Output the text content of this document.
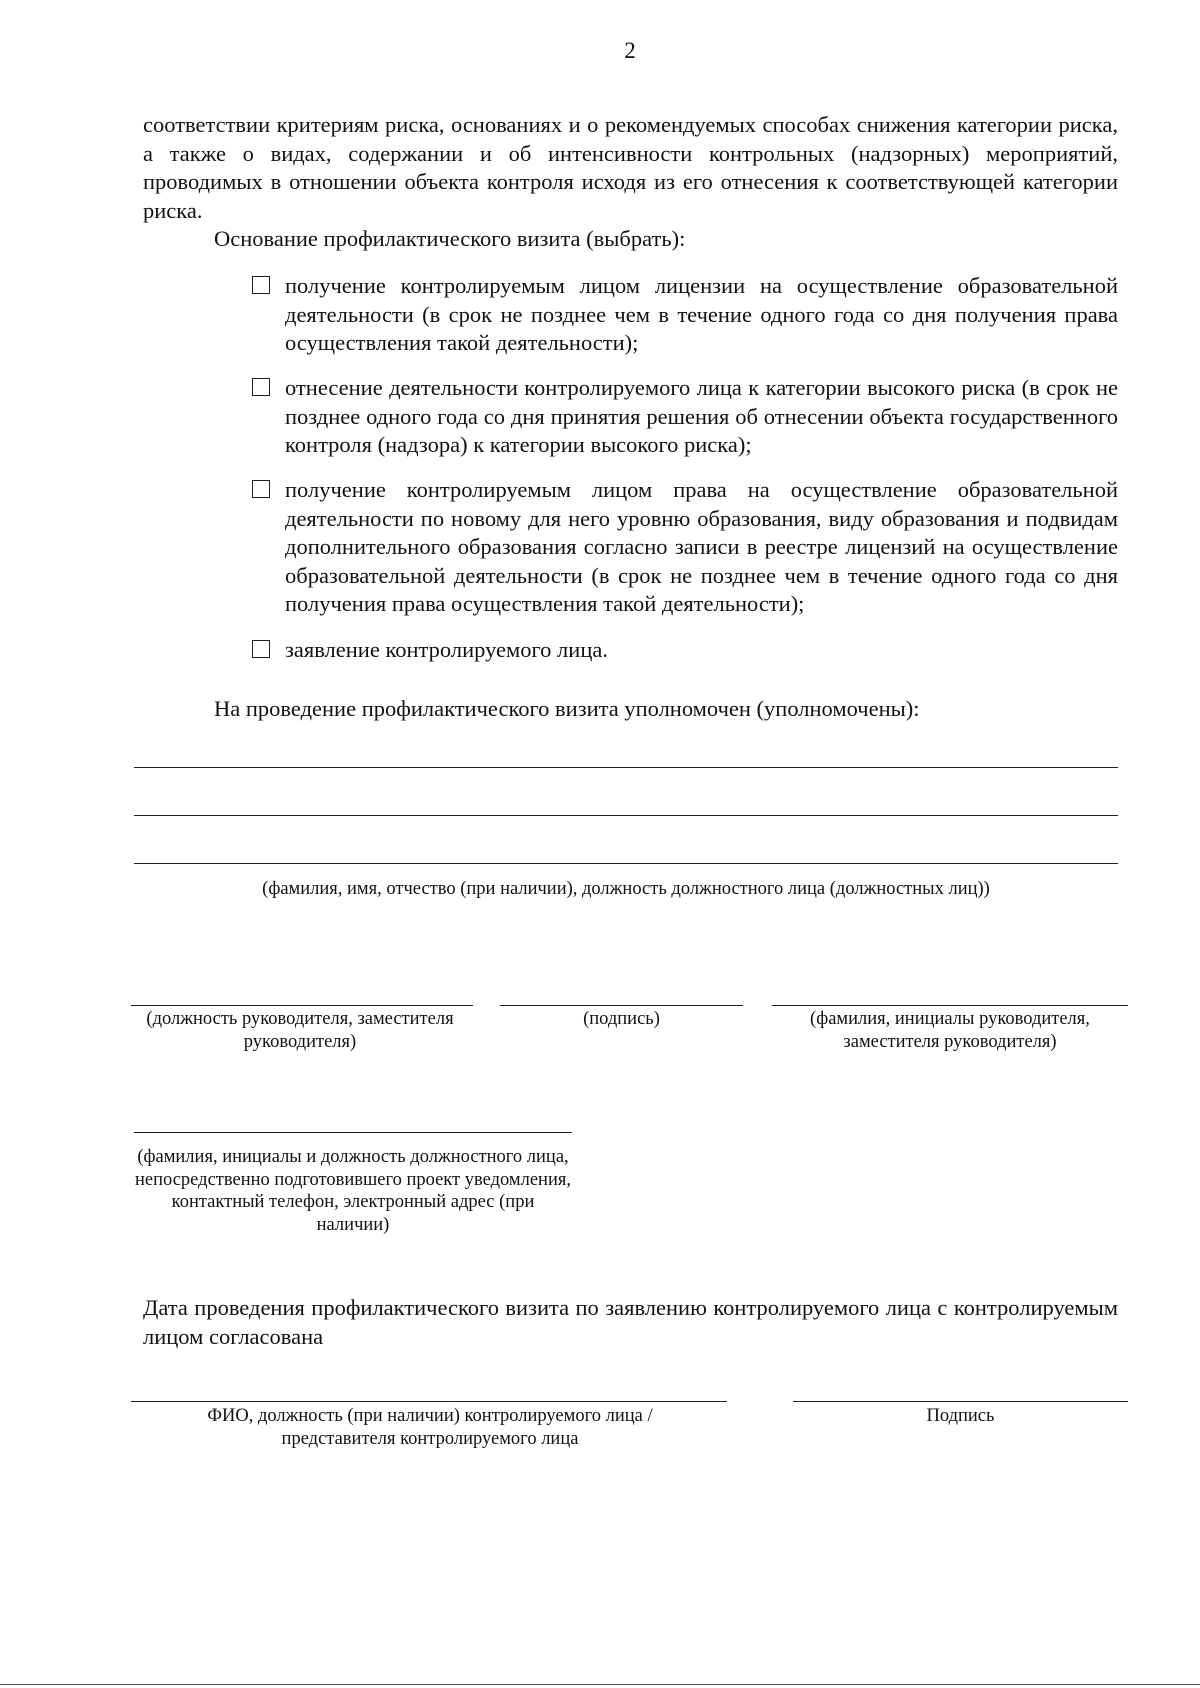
2
соответствии критериям риска, основаниях и о рекомендуемых способах снижения категории риска, а также о видах, содержании и об интенсивности контрольных (надзорных) мероприятий, проводимых в отношении объекта контроля исходя из его отнесения к соответствующей категории риска.
Основание профилактического визита (выбрать):
получение контролируемым лицом лицензии на осуществление образовательной деятельности (в срок не позднее чем в течение одного года со дня получения права осуществления такой деятельности);
отнесение деятельности контролируемого лица к категории высокого риска (в срок не позднее одного года со дня принятия решения об отнесении объекта государственного контроля (надзора) к категории высокого риска);
получение контролируемым лицом права на осуществление образовательной деятельности по новому для него уровню образования, виду образования и подвидам дополнительного образования согласно записи в реестре лицензий на осуществление образовательной деятельности (в срок не позднее чем в течение одного года со дня получения права осуществления такой деятельности);
заявление контролируемого лица.
На проведение профилактического визита уполномочен (уполномочены):
(фамилия, имя, отчество (при наличии), должность должностного лица (должностных лиц))
(должность руководителя, заместителя руководителя)
(подпись)	(фамилия, инициалы руководителя, заместителя руководителя)
(фамилия, инициалы и должность должностного лица, непосредственно подготовившего проект уведомления, контактный телефон, электронный адрес (при наличии)
Дата проведения профилактического визита по заявлению контролируемого лица с контролируемым лицом согласована
ФИО, должность (при наличии) контролируемого лица / представителя контролируемого лица
Подпись
